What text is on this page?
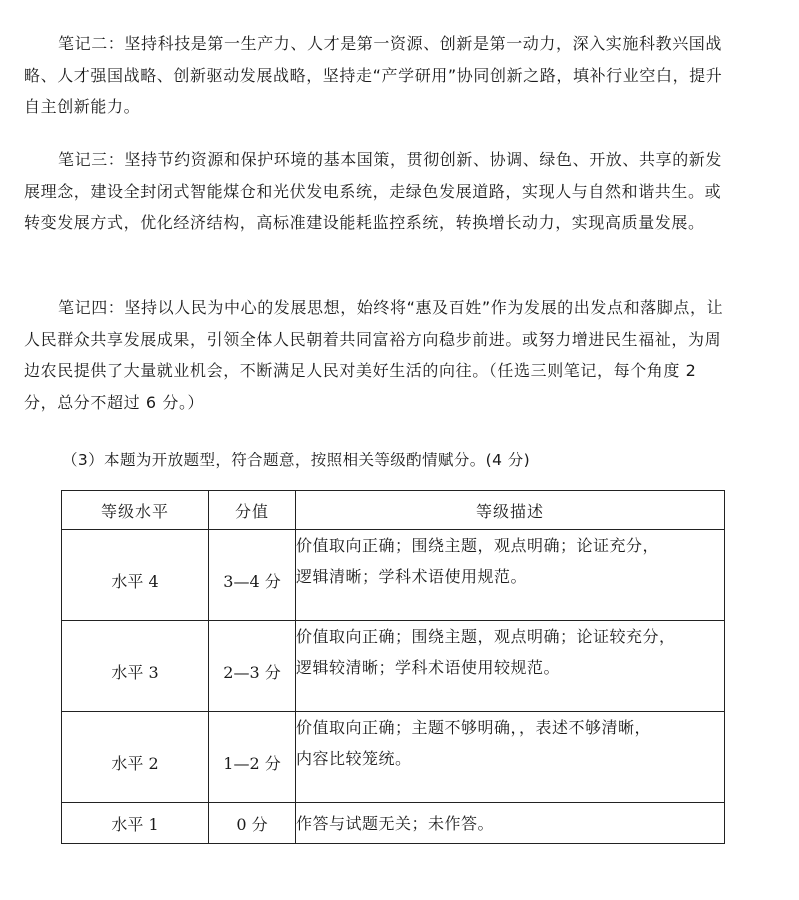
笔记二：坚持科技是第一生产力、人才是第一资源、创新是第一动力，深入实施科教兴国战略、人才强国战略、创新驱动发展战略，坚持走“产学研用”协同创新之路，填补行业空白，提升自主创新能力。

笔记三：坚持节约资源和保护环境的基本国策，贯彻创新、协调、绿色、开放、共享的新发展理念，建设全封闭式智能煤仓和光伏发电系统，走绿色发展道路，实现人与自然和谐共生。或转变发展方式，优化经济结构，高标准建设能耗监控系统，转换增长动力，实现高质量发展。

笔记四：坚持以人民为中心的发展思想，始终将“惠及百姓”作为发展的出发点和落脚点，让人民群众共享发展成果，引领全体人民朝着共同富裕方向稳步前进。或努力增进民生福祉，为周边农民提供了大量就业机会，不断满足人民对美好生活的向往。（任选三则笔记，每个角度 2 分，总分不超过 6 分。）

（3）本题为开放题型，符合题意，按照相关等级酌情赋分。(4 分)

等级水平	分值	等级描述
水平 4	3—4 分	价值取向正确；围绕主题，观点明确；论证充分，
逻辑清晰；学科术语使用规范。

水平 3	2—3 分	价值取向正确；围绕主题，观点明确；论证较充分，
逻辑较清晰；学科术语使用较规范。

水平 2	1—2 分	价值取向正确；主题不够明确，，表述不够清晰，
内容比较笼统。

水平 1	0 分	作答与试题无关；未作答。
